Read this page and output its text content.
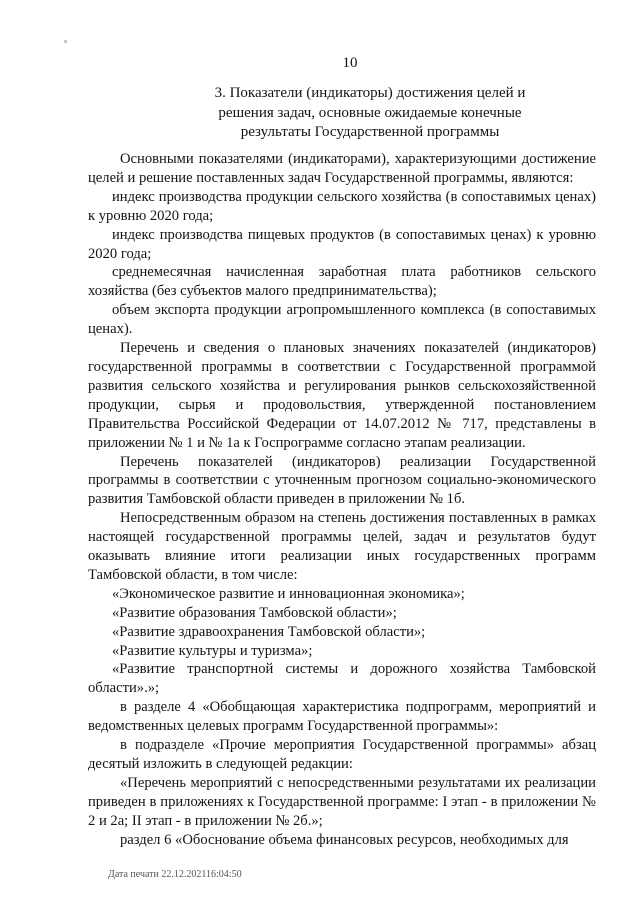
10
3. Показатели (индикаторы) достижения целей и
решения задач, основные ожидаемые конечные
результаты Государственной программы

Основными показателями (индикаторами), характеризующими достижение целей и решение поставленных задач Государственной программы, являются:

индекс производства продукции сельского хозяйства (в сопоставимых ценах) к уровню 2020 года;

индекс производства пищевых продуктов (в сопоставимых ценах) к уровню 2020 года;

среднемесячная начисленная заработная плата работников сельского хозяйства (без субъектов малого предпринимательства);

объем экспорта продукции агропромышленного комплекса (в сопоставимых ценах).

Перечень и сведения о плановых значениях показателей (индикаторов) государственной программы в соответствии с Государственной программой развития сельского хозяйства и регулирования рынков сельскохозяйственной продукции, сырья и продовольствия, утвержденной постановлением Правительства Российской Федерации от 14.07.2012 № 717, представлены в приложении № 1 и № 1а к Госпрограмме согласно этапам реализации.

Перечень показателей (индикаторов) реализации Государственной программы в соответствии с уточненным прогнозом социально-экономического развития Тамбовской области приведен в приложении № 1б.

Непосредственным образом на степень достижения поставленных в рамках настоящей государственной программы целей, задач и результатов будут оказывать влияние итоги реализации иных государственных программ Тамбовской области, в том числе:

«Экономическое развитие и инновационная экономика»;

«Развитие образования Тамбовской области»;

«Развитие здравоохранения Тамбовской области»;

«Развитие культуры и туризма»;

«Развитие транспортной системы и дорожного хозяйства Тамбовской области».»;

в разделе 4 «Обобщающая характеристика подпрограмм, мероприятий и ведомственных целевых программ Государственной программы»:

в подразделе «Прочие мероприятия Государственной программы» абзац десятый изложить в следующей редакции:

«Перечень мероприятий с непосредственными результатами их реализации приведен в приложениях к Государственной программе: I этап - в приложении № 2 и 2а; II этап - в приложении № 2б.»;

раздел 6 «Обоснование объема финансовых ресурсов, необходимых для

Дата печати 22.12.202116:04:50
